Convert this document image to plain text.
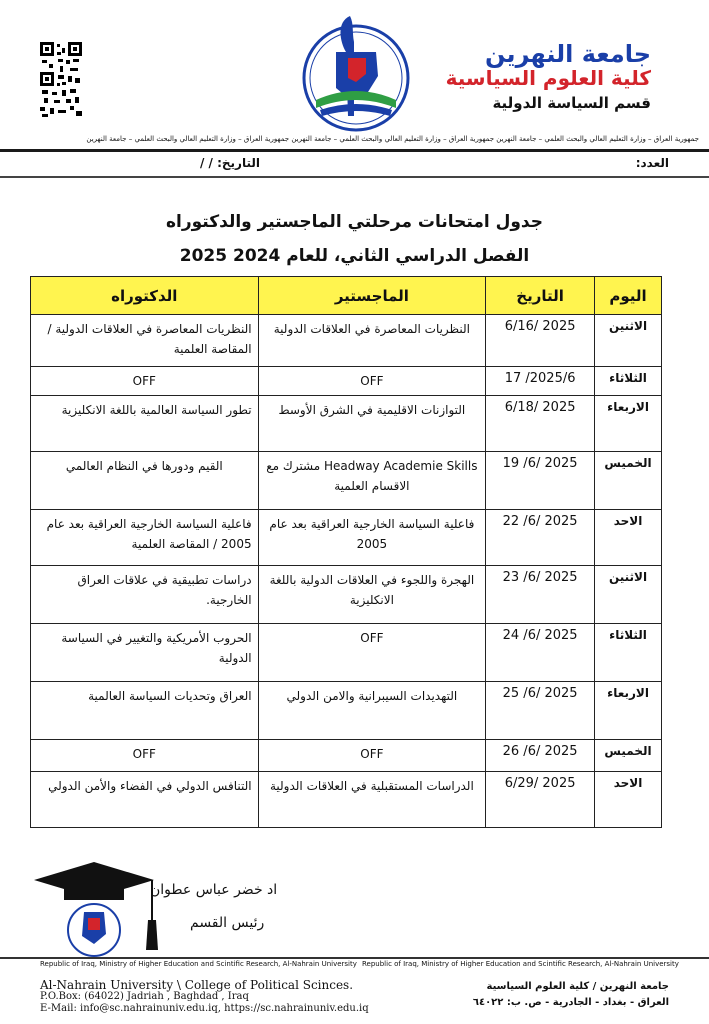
جامعة النهرين
كلية العلوم السياسية
قسم السياسة الدولية
جمهورية العراق – وزارة التعليم العالي والبحث العلمي – جامعة النهرين جمهورية العراق – وزارة التعليم العالي والبحث العلمي – جامعة النهرين جمهورية العراق – وزارة التعليم العالي والبحث العلمي – جامعة النهرين
العدد:
التاريخ: / /
جدول امتحانات مرحلتي الماجستير والدكتوراه
الفصل الدراسي الثاني، للعام 2024 2025
اليوم	التاريخ	الماجستير	الدكتوراه
الاثنين	2025 /6/16	النظريات المعاصرة في العلاقات الدولية	النظريات المعاصرة في العلاقات الدولية / المقاصة العلمية
الثلاثاء	2025/6/ 17	OFF	OFF
الاربعاء	2025 /6/18	التوازنات الاقليمية في الشرق الأوسط	تطور السياسة العالمية باللغة الانكليزية
الخميس	2025 /6/ 19	Headway Academie Skills مشترك مع الاقسام العلمية	القيم ودورها في النظام العالمي
الاحد	2025 /6/ 22	فاعلية السياسة الخارجية العراقية بعد عام 2005	فاعلية السياسة الخارجية العراقية بعد عام 2005 / المقاصة العلمية
الاثنين	2025 /6/ 23	الهجرة واللجوء في العلاقات الدولية باللغة الانكليزية	دراسات تطبيقية في علاقات العراق الخارجية.
الثلاثاء	2025 /6/ 24	OFF	الحروب الأمريكية والتغيير في السياسة الدولية
الاربعاء	2025 /6/ 25	التهديدات السيبرانية والامن الدولي	العراق وتحديات السياسة العالمية
الخميس	2025 /6/ 26	OFF	OFF
الاحد	2025 /6/29	الدراسات المستقبلية في العلاقات الدولية	التنافس الدولي في الفضاء والأمن الدولي
اد خضر عباس عطوان
رئيس القسم
Republic of Iraq, Ministry of Higher Education and Scintific Research, Al-Nahrain University Republic of Iraq, Ministry of Higher Education and Scintific Research, Al-Nahrain University
Al-Nahrain University \ College of Political Scinces.
P.O.Box: (64022) Jadriah , Baghdad , Iraq
E-Mail: info@sc.nahrainuniv.edu.iq, https://sc.nahrainuniv.edu.iq
جامعة النهرين / كلية العلوم السياسية
العراق - بغداد - الجادرية - ص. ب: ٦٤٠٢٢
